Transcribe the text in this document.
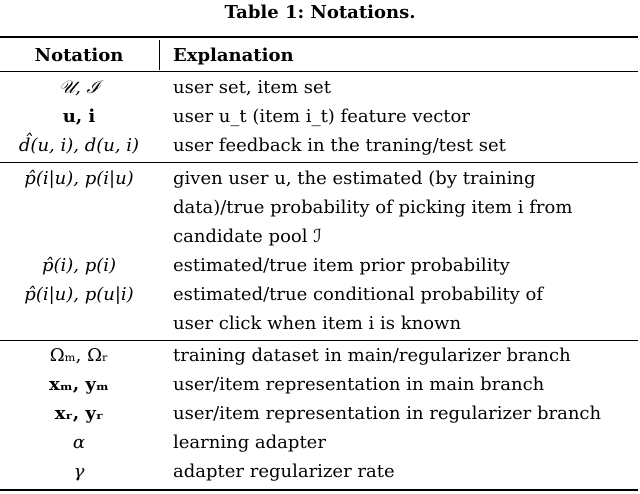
Table 1: Notations.
Notation	Explanation
𝒰, ℐ	user set, item set
u, i	user u_t (item i_t) feature vector
d̂(u, i), d(u, i)	user feedback in the traning/test set
p̂(i|u), p(i|u)	given user u, the estimated (by training
data)/true probability of picking item i from
candidate pool ℐ
p̂(i), p(i)	estimated/true item prior probability
p̂(i|u), p(u|i)	estimated/true conditional probability of
user click when item i is known
Ωₘ, Ωᵣ	training dataset in main/regularizer branch
xₘ, yₘ	user/item representation in main branch
xᵣ, yᵣ	user/item representation in regularizer branch
α	learning adapter
γ	adapter regularizer rate
